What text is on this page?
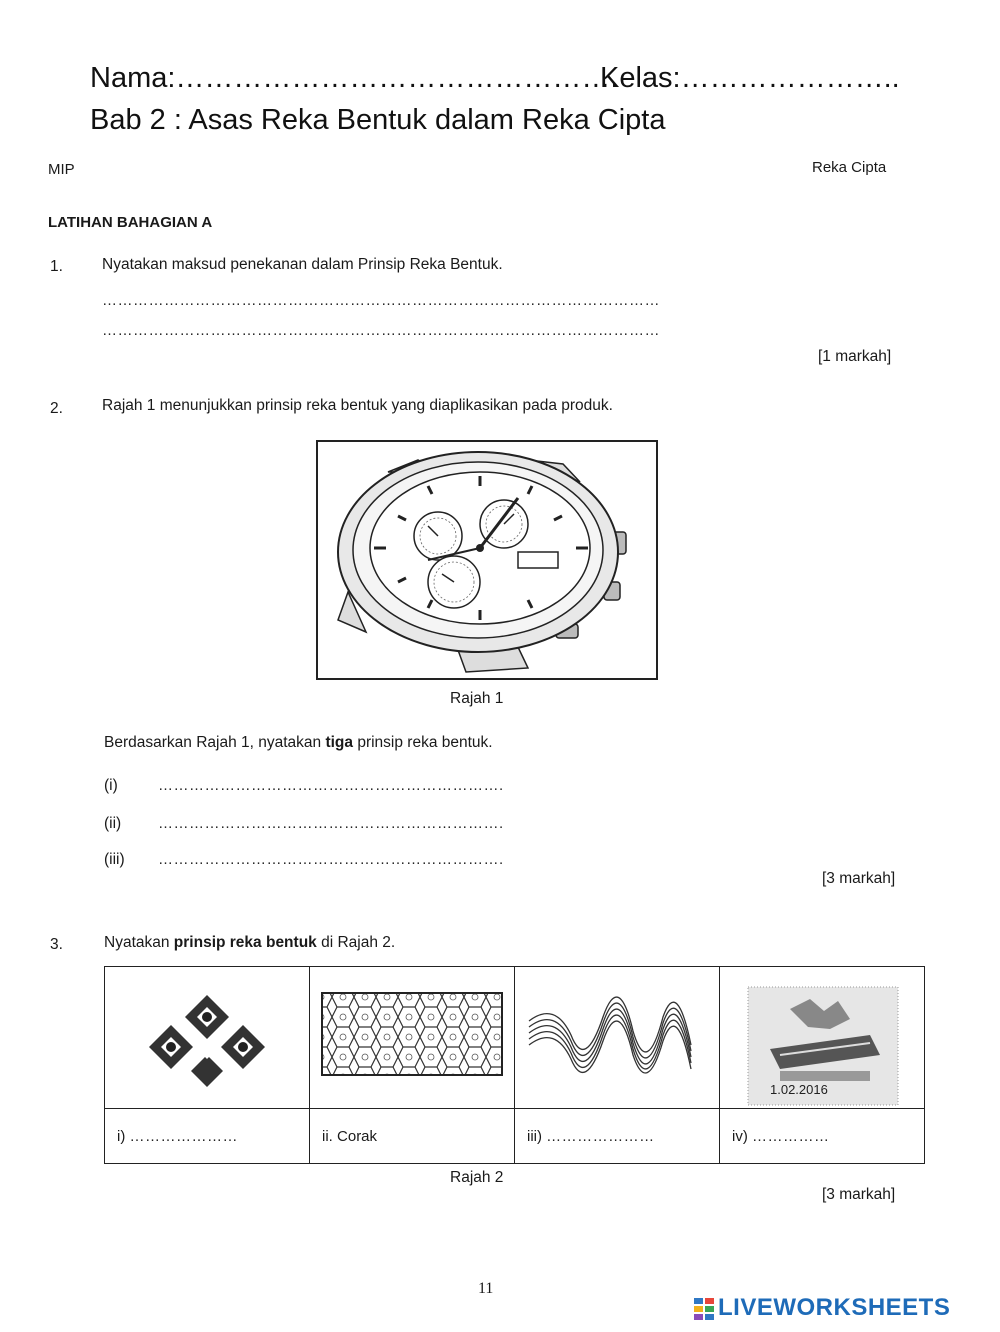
Nama:……………………………………….
Kelas:…………………..
Bab 2 : Asas Reka Bentuk dalam Reka Cipta
MIP	Reka Cipta
LATIHAN BAHAGIAN A
1.	Nyatakan maksud penekanan dalam Prinsip Reka Bentuk.
………………………………………………………………………………………………
………………………………………………………………………………………………
[1 markah]
2.	Rajah 1 menunjukkan prinsip reka bentuk yang diaplikasikan pada produk.
Rajah 1
Berdasarkan Rajah 1, nyatakan tiga prinsip reka bentuk.
(i)	………………………………………………………….
(ii) ………………………………………………………….
(iii) ………………………………………………………….
[3 markah]
3.	Nyatakan prinsip reka bentuk di Rajah 2.

1.02.2016

i) …………………	ii. Corak	iii) …………………	iv) ……………
Rajah 2
[3 markah]
11
LIVEWORKSHEETS
